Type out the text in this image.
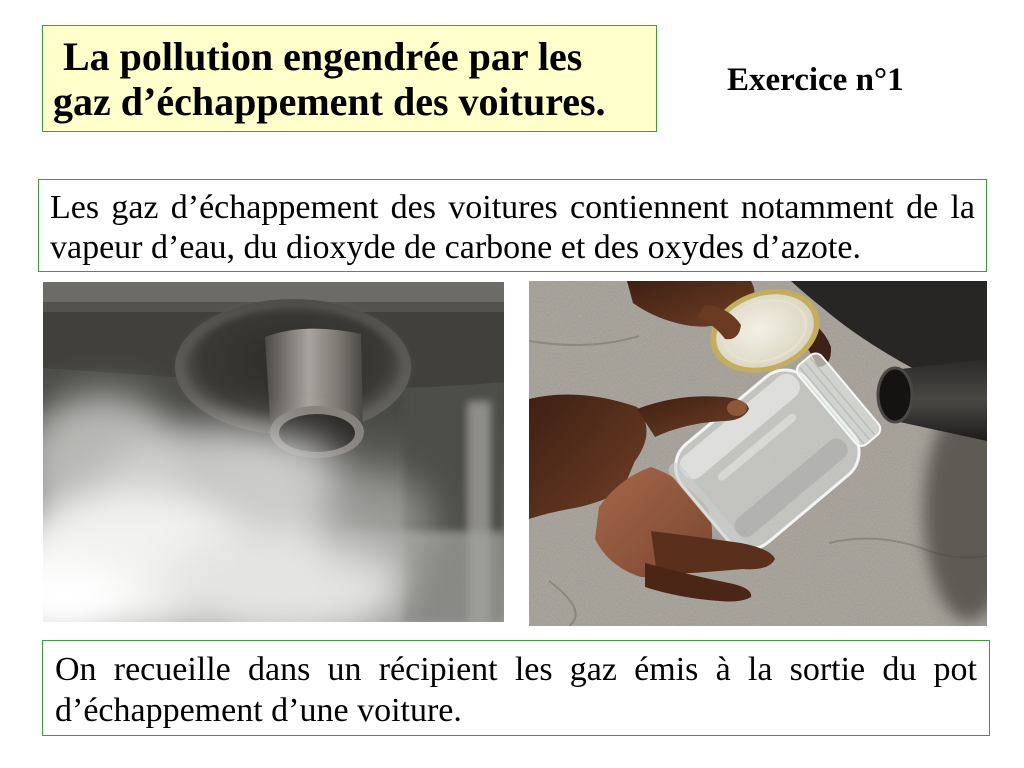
La pollution engendrée par les gaz d’échappement des voitures.	Exercice n°1
Les gaz d’échappement des voitures contiennent notamment de la vapeur d’eau, du dioxyde de carbone et des oxydes d’azote.
On recueille dans un récipient les gaz émis à la sortie du pot d’échappement d’une voiture.
